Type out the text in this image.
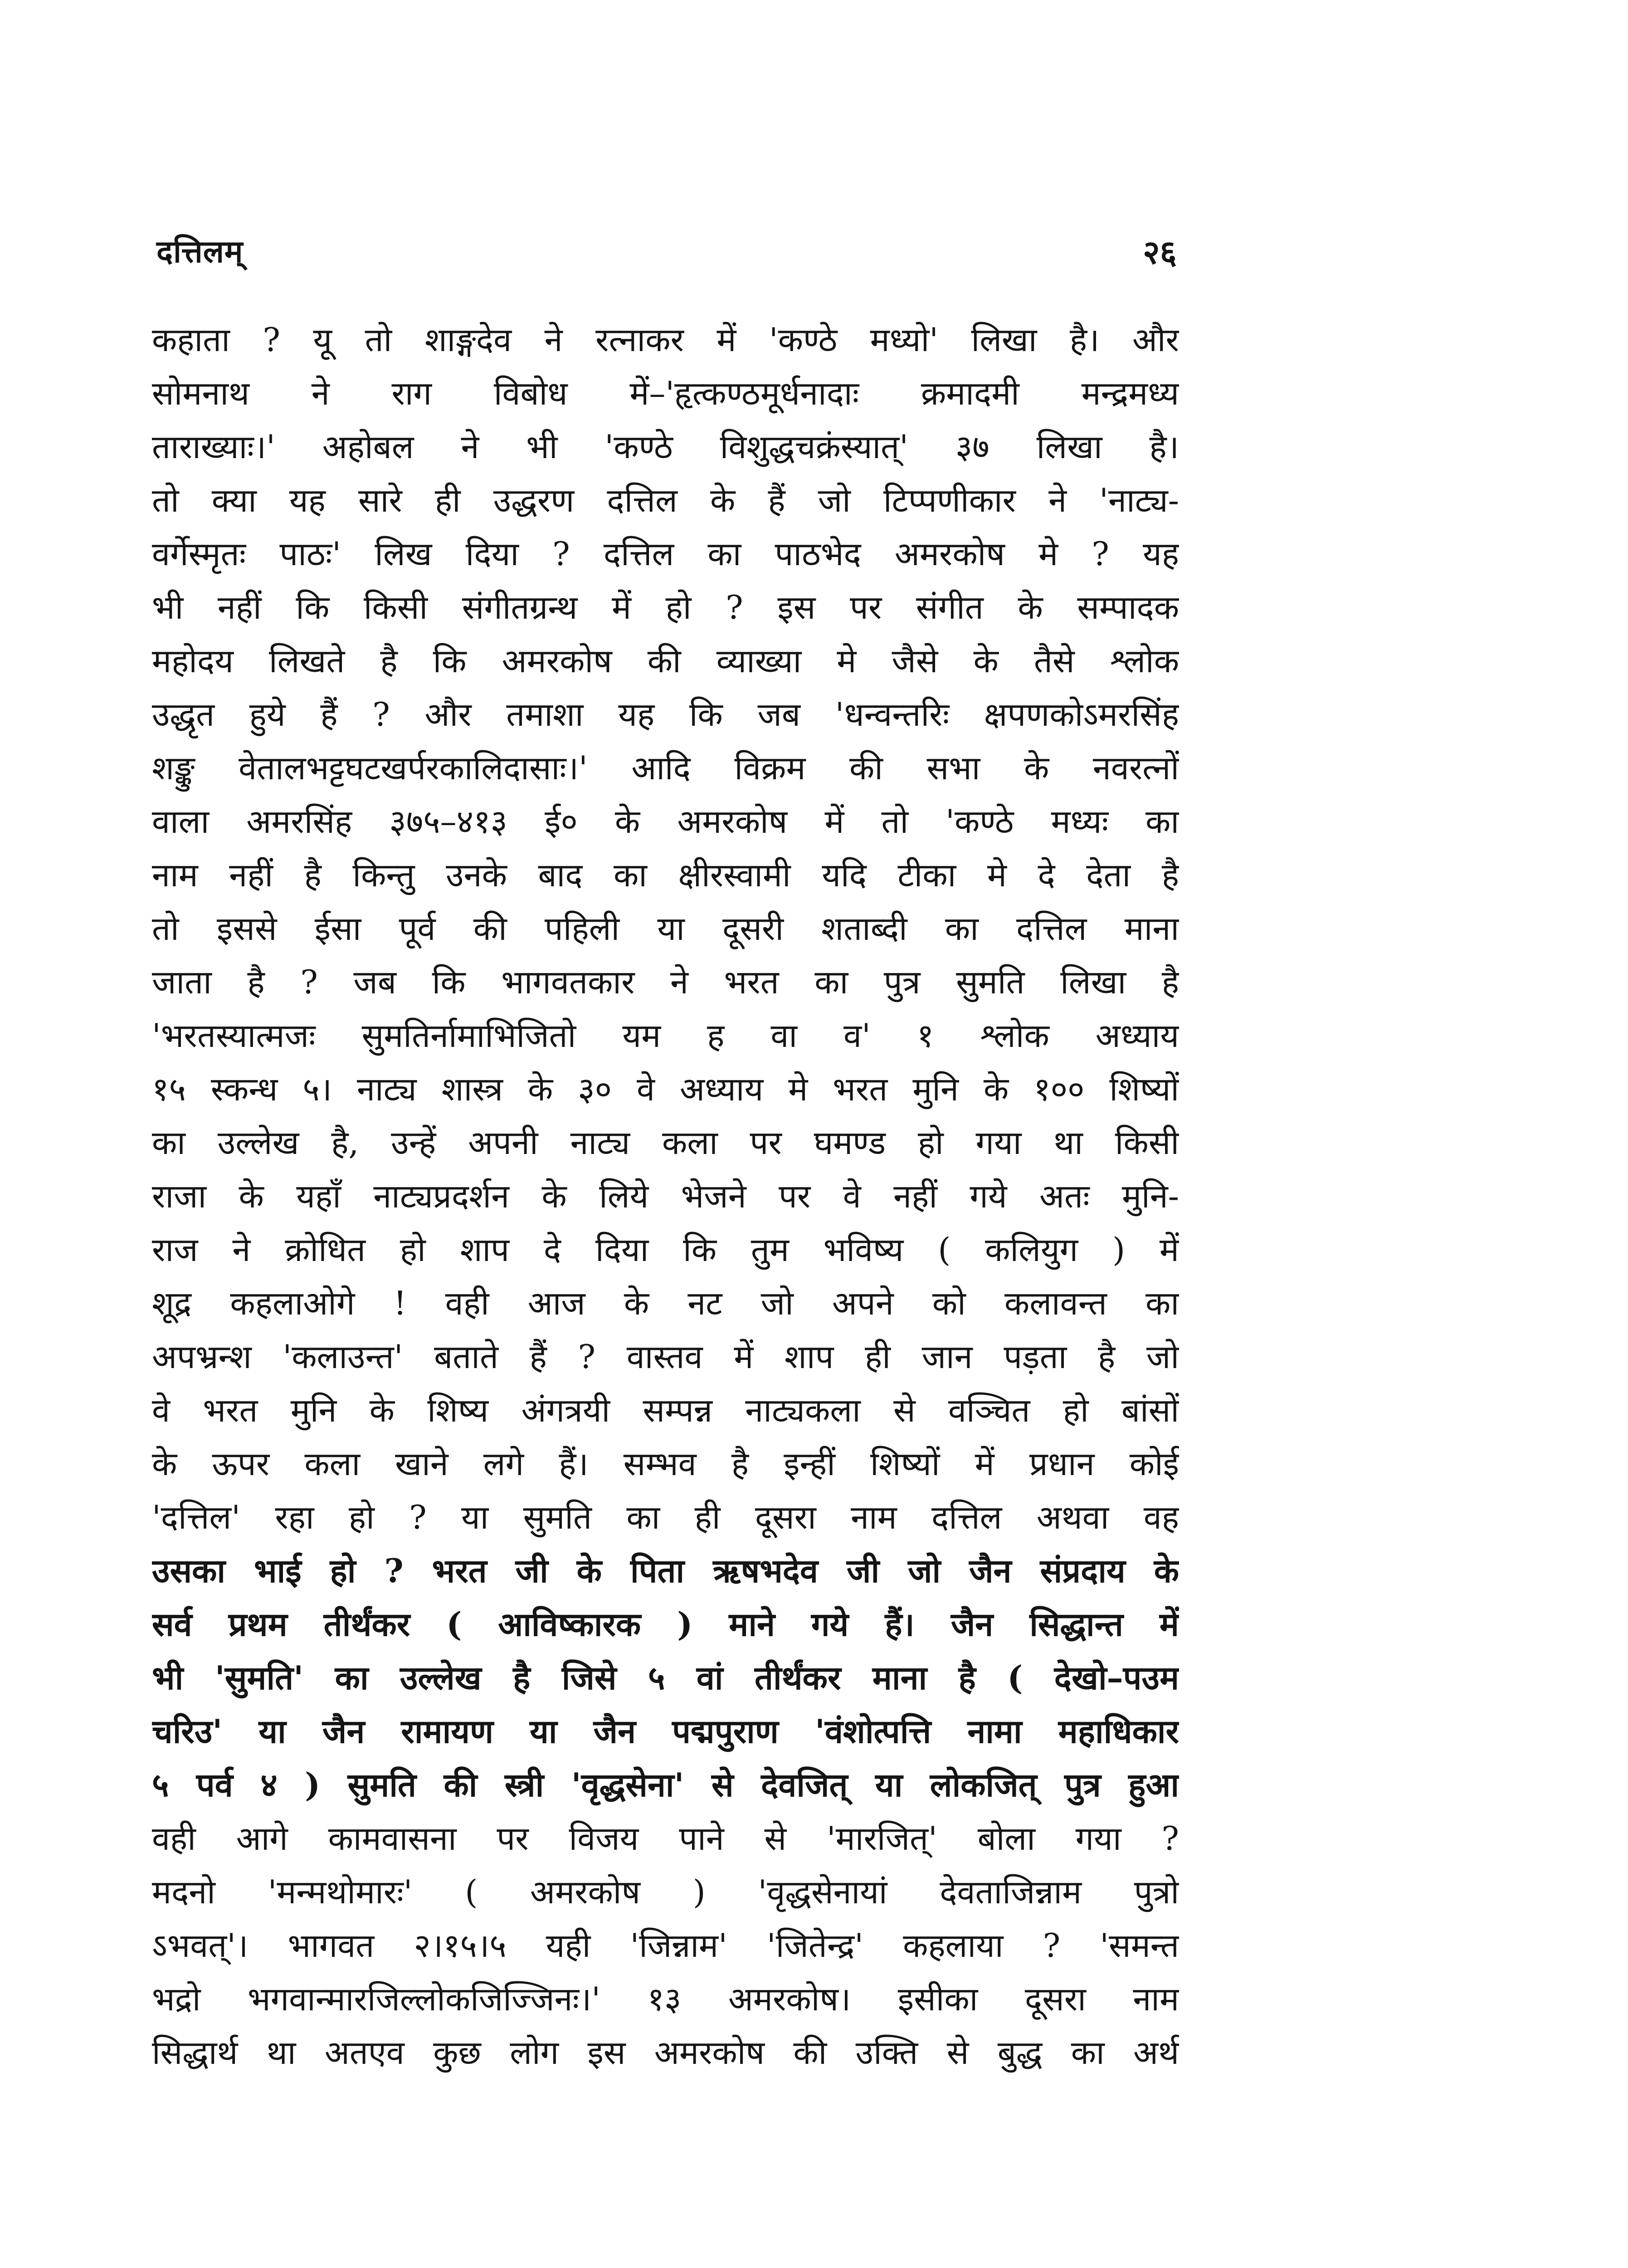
दत्तिलम्	२६
कहाता ? यू तो शाङ्गदेव ने रत्नाकर में 'कण्ठे मध्यो' लिखा है। और
सोमनाथ ने राग विबोध में–'हृत्कण्ठमूर्धनादाः क्रमादमी मन्द्रमध्य
ताराख्याः।' अहोबल ने भी 'कण्ठे विशुद्धचक्रंस्यात्' ३७ लिखा है।
तो क्या यह सारे ही उद्धरण दत्तिल के हैं जो टिप्पणीकार ने 'नाट्य-
वर्गेस्मृतः पाठः' लिख दिया ? दत्तिल का पाठभेद अमरकोष मे ? यह
भी नहीं कि किसी संगीतग्रन्थ में हो ? इस पर संगीत के सम्पादक
महोदय लिखते है कि अमरकोष की व्याख्या मे जैसे के तैसे श्लोक
उद्धृत हुये हैं ? और तमाशा यह कि जब 'धन्वन्तरिः क्षपणकोऽमरसिंह
शङ्कु वेतालभट्टघटखर्परकालिदासाः।' आदि विक्रम की सभा के नवरत्नों
वाला अमरसिंह ३७५–४१३ ई० के अमरकोष में तो 'कण्ठे मध्यः का
नाम नहीं है किन्तु उनके बाद का क्षीरस्वामी यदि टीका मे दे देता है
तो इससे ईसा पूर्व की पहिली या दूसरी शताब्दी का दत्तिल माना
जाता है ? जब कि भागवतकार ने भरत का पुत्र सुमति लिखा है
'भरतस्यात्मजः सुमतिर्नामाभिजितो यम ह वा व' १ श्लोक अध्याय
१५ स्कन्ध ५। नाट्य शास्त्र के ३० वे अध्याय मे भरत मुनि के १०० शिष्यों
का उल्लेख है, उन्हें अपनी नाट्य कला पर घमण्ड हो गया था किसी
राजा के यहाँ नाट्यप्रदर्शन के लिये भेजने पर वे नहीं गये अतः मुनि-
राज ने क्रोधित हो शाप दे दिया कि तुम भविष्य ( कलियुग ) में
शूद्र कहलाओगे ! वही आज के नट जो अपने को कलावन्त का
अपभ्रन्श 'कलाउन्त' बताते हैं ? वास्तव में शाप ही जान पड़ता है जो
वे भरत मुनि के शिष्य अंगत्रयी सम्पन्न नाट्यकला से वञ्चित हो बांसों
के ऊपर कला खाने लगे हैं। सम्भव है इन्हीं शिष्यों में प्रधान कोई
'दत्तिल' रहा हो ? या सुमति का ही दूसरा नाम दत्तिल अथवा वह
उसका भाई हो ? भरत जी के पिता ऋषभदेव जी जो जैन संप्रदाय के
सर्व प्रथम तीर्थंकर ( आविष्कारक ) माने गये हैं। जैन सिद्धान्त में
भी 'सुमति' का उल्लेख है जिसे ५ वां तीर्थंकर माना है ( देखो–पउम
चरिउ' या जैन रामायण या जैन पद्मपुराण 'वंशोत्पत्ति नामा महाधिकार
५ पर्व ४ ) सुमति की स्त्री 'वृद्धसेना' से देवजित् या लोकजित् पुत्र हुआ
वही आगे कामवासना पर विजय पाने से 'मारजित्' बोला गया ?
मदनो 'मन्मथोमारः' ( अमरकोष ) 'वृद्धसेनायां देवताजिन्नाम पुत्रो
ऽभवत्'। भागवत २।१५।५ यही 'जिन्नाम' 'जितेन्द्र' कहलाया ? 'समन्त
भद्रो भगवान्मारजिल्लोकजिज्जिनः।' १३ अमरकोष। इसीका दूसरा नाम
सिद्धार्थ था अतएव कुछ लोग इस अमरकोष की उक्ति से बुद्ध का अर्थ
